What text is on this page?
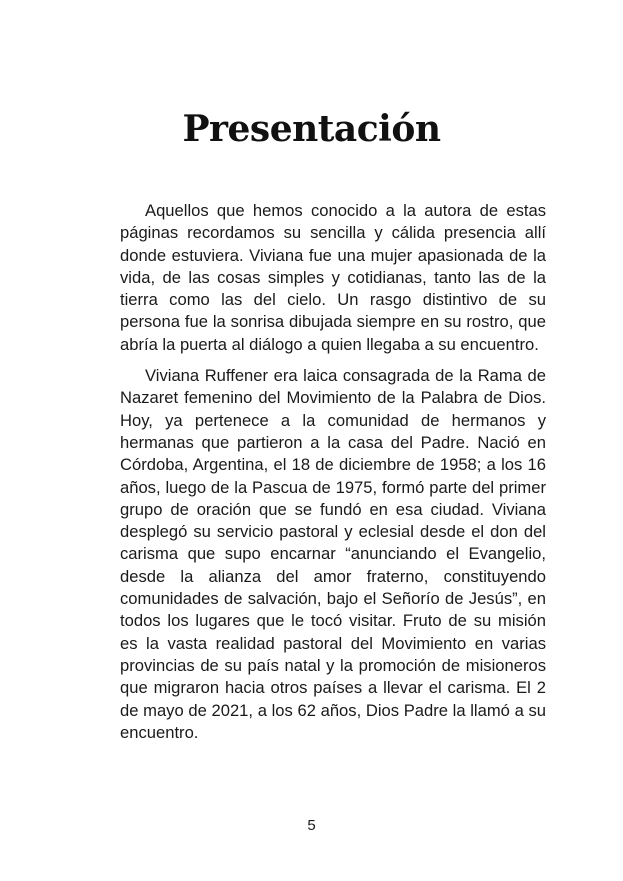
Presentación

Aquellos que hemos conocido a la autora de estas páginas recordamos su sencilla y cálida presencia allí donde estuviera. Viviana fue una mujer apasionada de la vida, de las cosas simples y cotidianas, tanto las de la tierra como las del cielo. Un rasgo distintivo de su persona fue la sonrisa dibujada siempre en su rostro, que abría la puerta al diálogo a quien llegaba a su encuentro.

Viviana Ruffener era laica consagrada de la Rama de Nazaret femenino del Movimiento de la Palabra de Dios. Hoy, ya pertenece a la comunidad de hermanos y hermanas que partieron a la casa del Padre. Nació en Córdoba, Argentina, el 18 de diciembre de 1958; a los 16 años, luego de la Pascua de 1975, formó parte del primer grupo de oración que se fundó en esa ciudad. Viviana desplegó su servicio pastoral y eclesial desde el don del carisma que supo encarnar “anunciando el Evangelio, desde la alianza del amor fraterno, constituyendo comunidades de salvación, bajo el Señorío de Jesús”, en todos los lugares que le tocó visitar. Fruto de su misión es la vasta realidad pastoral del Movimiento en varias provincias de su país natal y la promoción de misioneros que migraron hacia otros países a llevar el carisma. El 2 de mayo de 2021, a los 62 años, Dios Padre la llamó a su encuentro.

5
